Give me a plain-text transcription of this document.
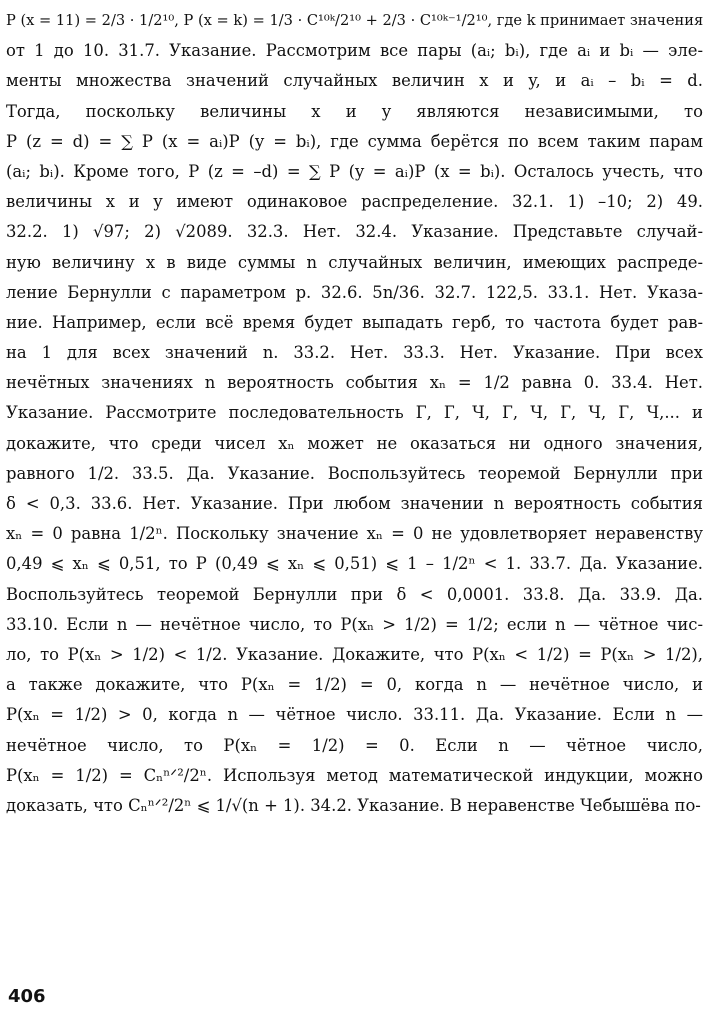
P (x = 11) = 2/3 · 1/2¹⁰, P (x = k) = 1/3 · C¹⁰ᵏ/2¹⁰ + 2/3 · C¹⁰ᵏ⁻¹/2¹⁰, где k принимает значения
от 1 до 10. 31.7. Указание. Рассмотрим все пары (aᵢ; bᵢ), где aᵢ и bᵢ — эле-
менты множества значений случайных величин x и y, и aᵢ – bᵢ = d.
Тогда, поскольку величины x и y являются независимыми, то
P (z = d) = ∑ P (x = aᵢ)P (y = bᵢ), где сумма берётся по всем таким парам
(aᵢ; bᵢ). Кроме того, P (z = –d) = ∑ P (y = aᵢ)P (x = bᵢ). Осталось учесть, что
величины x и y имеют одинаковое распределение. 32.1. 1) –10; 2) 49.
32.2. 1) √97; 2) √2089. 32.3. Нет. 32.4. Указание. Представьте случай-
ную величину x в виде суммы n случайных величин, имеющих распреде-
ление Бернулли с параметром p. 32.6. 5n/36. 32.7. 122,5. 33.1. Нет. Указа-
ние. Например, если всё время будет выпадать герб, то частота будет рав-
на 1 для всех значений n. 33.2. Нет. 33.3. Нет. Указание. При всех
нечётных значениях n вероятность события xₙ = 1/2 равна 0. 33.4. Нет.
Указание. Рассмотрите последовательность Г, Г, Ч, Г, Ч, Г, Ч, Г, Ч,... и
докажите, что среди чисел xₙ может не оказаться ни одного значения,
равного 1/2. 33.5. Да. Указание. Воспользуйтесь теоремой Бернулли при
δ < 0,3. 33.6. Нет. Указание. При любом значении n вероятность события
xₙ = 0 равна 1/2ⁿ. Поскольку значение xₙ = 0 не удовлетворяет неравенству
0,49 ⩽ xₙ ⩽ 0,51, то P (0,49 ⩽ xₙ ⩽ 0,51) ⩽ 1 – 1/2ⁿ < 1. 33.7. Да. Указание.
Воспользуйтесь теоремой Бернулли при δ < 0,0001. 33.8. Да. 33.9. Да.
33.10. Если n — нечётное число, то P(xₙ > 1/2) = 1/2; если n — чётное чис-
ло, то P(xₙ > 1/2) < 1/2. Указание. Докажите, что P(xₙ < 1/2) = P(xₙ > 1/2),
а также докажите, что P(xₙ = 1/2) = 0, когда n — нечётное число, и
P(xₙ = 1/2) > 0, когда n — чётное число. 33.11. Да. Указание. Если n —
нечётное число, то P(xₙ = 1/2) = 0. Если n — чётное число,
P(xₙ = 1/2) = Cₙⁿᐟ²/2ⁿ. Используя метод математической индукции, можно
доказать, что Cₙⁿᐟ²/2ⁿ ⩽ 1/√(n + 1). 34.2. Указание. В неравенстве Чебышёва по-
406
